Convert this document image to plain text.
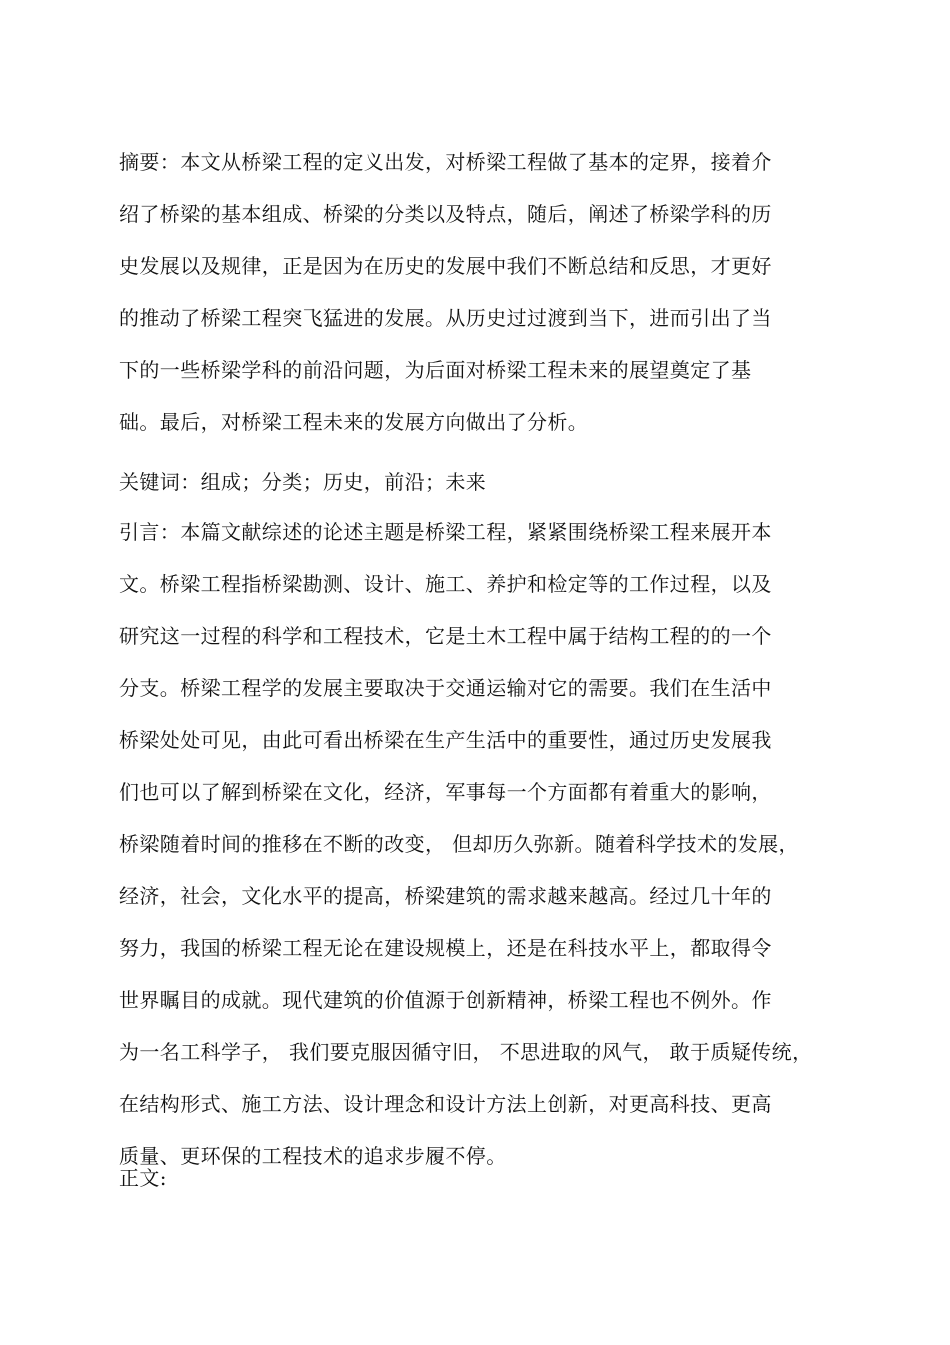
摘要：本文从桥梁工程的定义出发，对桥梁工程做了基本的定界，接着介
绍了桥梁的基本组成、桥梁的分类以及特点，随后，阐述了桥梁学科的历
史发展以及规律，正是因为在历史的发展中我们不断总结和反思，才更好
的推动了桥梁工程突飞猛进的发展。从历史过过渡到当下，进而引出了当
下的一些桥梁学科的前沿问题，为后面对桥梁工程未来的展望奠定了基
础。最后，对桥梁工程未来的发展方向做出了分析。
关键词：组成；分类；历史，前沿；未来
引言：本篇文献综述的论述主题是桥梁工程，紧紧围绕桥梁工程来展开本
文。桥梁工程指桥梁勘测、设计、施工、养护和检定等的工作过程，以及
研究这一过程的科学和工程技术，它是土木工程中属于结构工程的的一个
分支。桥梁工程学的发展主要取决于交通运输对它的需要。我们在生活中
桥梁处处可见，由此可看出桥梁在生产生活中的重要性，通过历史发展我
们也可以了解到桥梁在文化，经济，军事每一个方面都有着重大的影响，
桥梁随着时间的推移在不断的改变， 但却历久弥新。随着科学技术的发展，
经济，社会，文化水平的提高，桥梁建筑的需求越来越高。经过几十年的
努力，我国的桥梁工程无论在建设规模上，还是在科技水平上，都取得令
世界瞩目的成就。现代建筑的价值源于创新精神，桥梁工程也不例外。作
为一名工科学子， 我们要克服因循守旧， 不思进取的风气， 敢于质疑传统，
在结构形式、施工方法、设计理念和设计方法上创新，对更高科技、更高
质量、更环保的工程技术的追求步履不停。
正文:
